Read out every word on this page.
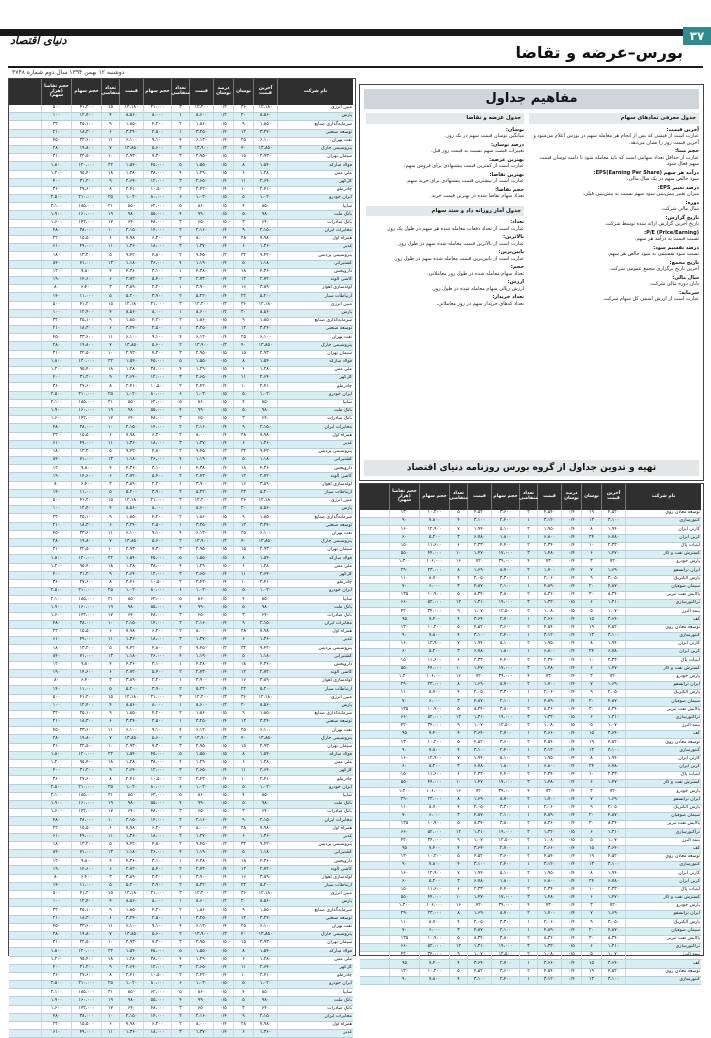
۳۷
دنیای اقتصاد
بورس–عرضه و تقاضا
دوشنبه ۱۲ بهمن ۱۳۹۴ سال دوم شماره ۳۷۴۸
نام شرکت
آخرین قیمت
نوسان
درصد نوسان
قیمت
تعداد متقاضی
حجم سهام
قیمت
تعداد متقاضی
حجم سهام
حجم تقاضا (هزار سهم)
مبین انرژی
۱۲،۱۸۰
۳۶
۰/۳
۱۲،۲۰۰
۳
۲۱،۰۰۰
۱۲،۱۸۰
۱۵
۴۱،۲۰۰
۵۰۰
پارس
۸،۵۶۰
۲۰
۰/۲
۸،۶۰۰
۱
۸،۰۰۰
۸،۵۶۰
۴
۱۲،۴۰۰
۱۰۰
سرمایه‌گذاری صنایع
۱،۸۵۰
۹
۰/۵
۱،۸۶۰
۲
۴،۲۰۰
۱،۸۵۰
۹
۲۵،۱۰۰
۳۲۰
توسعه صنعتی
۳،۲۴۰
۱۲
۰/۴
۳،۲۵۰
۱
۲،۵۰۰
۳،۲۴۰
۶
۱۸،۳۰۰
۲۱۰
نفت بهران
۶،۱۰۰
۲۵
۰/۴
۶،۱۲۰
۴
۹،۱۰۰
۶،۱۰۰
۱۱
۳۳،۶۰۰
۴۵۰
پتروشیمی خارک
۱۳،۸۵۰
۴۰
۰/۳
۱۳،۹۰۰
۲
۵،۶۰۰
۱۳،۸۵۰
۷
۱۹،۸۰۰
۲۸۰
سیمان تهران
۲،۹۳۰
۱۵
۰/۵
۲،۹۵۰
۳
۷،۳۰۰
۲،۹۳۰
۱۰
۲۲،۵۰۰
۳۱۰
فولاد مبارکه
۱،۵۴۰
۸
۰/۵
۱،۵۵۰
۵
۴۵،۰۰۰
۱،۵۴۰
۲۲
۱۲۰،۰۰۰
۱،۸۰۰
ملی مس
۱،۲۸۰
۶
۰/۵
۱،۲۹۰
۴
۳۸،۰۰۰
۱،۲۸۰
۱۸
۹۵،۴۰۰
۱،۲۰۰
گل‌گهر
۲،۶۴۰
۱۱
۰/۴
۲،۶۵۰
۳
۱۲،۰۰۰
۲،۶۴۰
۹
۳۱،۲۰۰
۴۰۰
چادرملو
۲،۴۱۰
۱۰
۰/۴
۲،۴۲۰
۲
۱۰،۵۰۰
۲،۴۱۰
۸
۲۷،۶۰۰
۳۶۰
ایران خودرو
۱،۰۲۰
۵
۰/۵
۱،۰۳۰
۶
۸۰،۰۰۰
۱،۰۲۰
۲۵
۲۱۰،۰۰۰
۲،۵۰۰
سایپا
۸۵۰
۴
۰/۵
۸۶۰
۵
۶۲،۰۰۰
۸۵۰
۲۱
۱۸۵،۰۰۰
۲،۱۰۰
بانک ملت
۹۸۰
۵
۰/۵
۹۹۰
۴
۵۵،۰۰۰
۹۸۰
۱۹
۱۶۰،۰۰۰
۱،۹۰۰
بانک صادرات
۶۴۰
۳
۰/۵
۶۵۰
۳
۴۸،۰۰۰
۶۴۰
۱۷
۱۴۲،۰۰۰
۱،۶۰۰
مخابرات ایران
۲،۱۵۰
۹
۰/۴
۲،۱۶۰
۲
۱۴،۰۰۰
۲،۱۵۰
۱۰
۳۸،۰۰۰
۴۸۰
همراه اول
۷،۹۸۰
۲۸
۰/۴
۸،۰۰۰
۲
۶،۲۰۰
۷،۹۸۰
۶
۱۵،۵۰۰
۲۲۰
غدیر
۱،۳۶۰
۶
۰/۴
۱،۳۷۰
۳
۱۸،۰۰۰
۱،۳۶۰
۱۱
۴۹،۰۰۰
۶۱۰
پتروشیمی پردیس
۹،۴۲۰
۳۲
۰/۳
۹،۴۵۰
۲
۴،۸۰۰
۹،۴۲۰
۵
۱۳،۲۰۰
۱۸۰
کشتیرانی
۱،۱۸۰
۵
۰/۴
۱،۱۹۰
۴
۲۶،۰۰۰
۱،۱۸۰
۱۳
۷۱،۰۰۰
۸۴۰
داروپخش
۴،۳۶۰
۱۸
۰/۴
۴،۳۸۰
۱
۳،۱۰۰
۴،۳۶۰
۴
۹،۸۰۰
۱۲۰
کاشی الوند
۲،۷۲۰
۱۲
۰/۴
۲،۷۳۰
۲
۵،۴۰۰
۲،۷۲۰
۶
۱۴،۶۰۰
۱۹۰
لوله‌سازی اهواز
۳،۸۹۰
۱۶
۰/۴
۳،۹۰۰
۱
۲،۲۰۰
۳،۸۹۰
۳
۶،۴۰۰
۸۰
ارتباطات سیار
۵،۲۰۰
۲۲
۰/۴
۵،۲۲۰
۲
۳،۹۰۰
۵،۲۰۰
۵
۱۱،۰۰۰
۱۴۰
مبین انرژی
۱۲،۱۸۰
۳۶
۰/۳
۱۲،۲۰۰
۳
۲۱،۰۰۰
۱۲،۱۸۰
۱۵
۴۱،۲۰۰
۵۰۰
پارس
۸،۵۶۰
۲۰
۰/۲
۸،۶۰۰
۱
۸،۰۰۰
۸،۵۶۰
۴
۱۲،۴۰۰
۱۰۰
سرمایه‌گذاری صنایع
۱،۸۵۰
۹
۰/۵
۱،۸۶۰
۲
۴،۲۰۰
۱،۸۵۰
۹
۲۵،۱۰۰
۳۲۰
توسعه صنعتی
۳،۲۴۰
۱۲
۰/۴
۳،۲۵۰
۱
۲،۵۰۰
۳،۲۴۰
۶
۱۸،۳۰۰
۲۱۰
نفت بهران
۶،۱۰۰
۲۵
۰/۴
۶،۱۲۰
۴
۹،۱۰۰
۶،۱۰۰
۱۱
۳۳،۶۰۰
۴۵۰
پتروشیمی خارک
۱۳،۸۵۰
۴۰
۰/۳
۱۳،۹۰۰
۲
۵،۶۰۰
۱۳،۸۵۰
۷
۱۹،۸۰۰
۲۸۰
سیمان تهران
۲،۹۳۰
۱۵
۰/۵
۲،۹۵۰
۳
۷،۳۰۰
۲،۹۳۰
۱۰
۲۲،۵۰۰
۳۱۰
فولاد مبارکه
۱،۵۴۰
۸
۰/۵
۱،۵۵۰
۵
۴۵،۰۰۰
۱،۵۴۰
۲۲
۱۲۰،۰۰۰
۱،۸۰۰
ملی مس
۱،۲۸۰
۶
۰/۵
۱،۲۹۰
۴
۳۸،۰۰۰
۱،۲۸۰
۱۸
۹۵،۴۰۰
۱،۲۰۰
گل‌گهر
۲،۶۴۰
۱۱
۰/۴
۲،۶۵۰
۳
۱۲،۰۰۰
۲،۶۴۰
۹
۳۱،۲۰۰
۴۰۰
چادرملو
۲،۴۱۰
۱۰
۰/۴
۲،۴۲۰
۲
۱۰،۵۰۰
۲،۴۱۰
۸
۲۷،۶۰۰
۳۶۰
ایران خودرو
۱،۰۲۰
۵
۰/۵
۱،۰۳۰
۶
۸۰،۰۰۰
۱،۰۲۰
۲۵
۲۱۰،۰۰۰
۲،۵۰۰
سایپا
۸۵۰
۴
۰/۵
۸۶۰
۵
۶۲،۰۰۰
۸۵۰
۲۱
۱۸۵،۰۰۰
۲،۱۰۰
بانک ملت
۹۸۰
۵
۰/۵
۹۹۰
۴
۵۵،۰۰۰
۹۸۰
۱۹
۱۶۰،۰۰۰
۱،۹۰۰
بانک صادرات
۶۴۰
۳
۰/۵
۶۵۰
۳
۴۸،۰۰۰
۶۴۰
۱۷
۱۴۲،۰۰۰
۱،۶۰۰
مخابرات ایران
۲،۱۵۰
۹
۰/۴
۲،۱۶۰
۲
۱۴،۰۰۰
۲،۱۵۰
۱۰
۳۸،۰۰۰
۴۸۰
همراه اول
۷،۹۸۰
۲۸
۰/۴
۸،۰۰۰
۲
۶،۲۰۰
۷،۹۸۰
۶
۱۵،۵۰۰
۲۲۰
غدیر
۱،۳۶۰
۶
۰/۴
۱،۳۷۰
۳
۱۸،۰۰۰
۱،۳۶۰
۱۱
۴۹،۰۰۰
۶۱۰
پتروشیمی پردیس
۹،۴۲۰
۳۲
۰/۳
۹،۴۵۰
۲
۴،۸۰۰
۹،۴۲۰
۵
۱۳،۲۰۰
۱۸۰
کشتیرانی
۱،۱۸۰
۵
۰/۴
۱،۱۹۰
۴
۲۶،۰۰۰
۱،۱۸۰
۱۳
۷۱،۰۰۰
۸۴۰
داروپخش
۴،۳۶۰
۱۸
۰/۴
۴،۳۸۰
۱
۳،۱۰۰
۴،۳۶۰
۴
۹،۸۰۰
۱۲۰
کاشی الوند
۲،۷۲۰
۱۲
۰/۴
۲،۷۳۰
۲
۵،۴۰۰
۲،۷۲۰
۶
۱۴،۶۰۰
۱۹۰
لوله‌سازی اهواز
۳،۸۹۰
۱۶
۰/۴
۳،۹۰۰
۱
۲،۲۰۰
۳،۸۹۰
۳
۶،۴۰۰
۸۰
ارتباطات سیار
۵،۲۰۰
۲۲
۰/۴
۵،۲۲۰
۲
۳،۹۰۰
۵،۲۰۰
۵
۱۱،۰۰۰
۱۴۰
مبین انرژی
۱۲،۱۸۰
۳۶
۰/۳
۱۲،۲۰۰
۳
۲۱،۰۰۰
۱۲،۱۸۰
۱۵
۴۱،۲۰۰
۵۰۰
پارس
۸،۵۶۰
۲۰
۰/۲
۸،۶۰۰
۱
۸،۰۰۰
۸،۵۶۰
۴
۱۲،۴۰۰
۱۰۰
سرمایه‌گذاری صنایع
۱،۸۵۰
۹
۰/۵
۱،۸۶۰
۲
۴،۲۰۰
۱،۸۵۰
۹
۲۵،۱۰۰
۳۲۰
توسعه صنعتی
۳،۲۴۰
۱۲
۰/۴
۳،۲۵۰
۱
۲،۵۰۰
۳،۲۴۰
۶
۱۸،۳۰۰
۲۱۰
نفت بهران
۶،۱۰۰
۲۵
۰/۴
۶،۱۲۰
۴
۹،۱۰۰
۶،۱۰۰
۱۱
۳۳،۶۰۰
۴۵۰
پتروشیمی خارک
۱۳،۸۵۰
۴۰
۰/۳
۱۳،۹۰۰
۲
۵،۶۰۰
۱۳،۸۵۰
۷
۱۹،۸۰۰
۲۸۰
سیمان تهران
۲،۹۳۰
۱۵
۰/۵
۲،۹۵۰
۳
۷،۳۰۰
۲،۹۳۰
۱۰
۲۲،۵۰۰
۳۱۰
فولاد مبارکه
۱،۵۴۰
۸
۰/۵
۱،۵۵۰
۵
۴۵،۰۰۰
۱،۵۴۰
۲۲
۱۲۰،۰۰۰
۱،۸۰۰
ملی مس
۱،۲۸۰
۶
۰/۵
۱،۲۹۰
۴
۳۸،۰۰۰
۱،۲۸۰
۱۸
۹۵،۴۰۰
۱،۲۰۰
گل‌گهر
۲،۶۴۰
۱۱
۰/۴
۲،۶۵۰
۳
۱۲،۰۰۰
۲،۶۴۰
۹
۳۱،۲۰۰
۴۰۰
چادرملو
۲،۴۱۰
۱۰
۰/۴
۲،۴۲۰
۲
۱۰،۵۰۰
۲،۴۱۰
۸
۲۷،۶۰۰
۳۶۰
ایران خودرو
۱،۰۲۰
۵
۰/۵
۱،۰۳۰
۶
۸۰،۰۰۰
۱،۰۲۰
۲۵
۲۱۰،۰۰۰
۲،۵۰۰
سایپا
۸۵۰
۴
۰/۵
۸۶۰
۵
۶۲،۰۰۰
۸۵۰
۲۱
۱۸۵،۰۰۰
۲،۱۰۰
بانک ملت
۹۸۰
۵
۰/۵
۹۹۰
۴
۵۵،۰۰۰
۹۸۰
۱۹
۱۶۰،۰۰۰
۱،۹۰۰
بانک صادرات
۶۴۰
۳
۰/۵
۶۵۰
۳
۴۸،۰۰۰
۶۴۰
۱۷
۱۴۲،۰۰۰
۱،۶۰۰
مخابرات ایران
۲،۱۵۰
۹
۰/۴
۲،۱۶۰
۲
۱۴،۰۰۰
۲،۱۵۰
۱۰
۳۸،۰۰۰
۴۸۰
همراه اول
۷،۹۸۰
۲۸
۰/۴
۸،۰۰۰
۲
۶،۲۰۰
۷،۹۸۰
۶
۱۵،۵۰۰
۲۲۰
غدیر
۱،۳۶۰
۶
۰/۴
۱،۳۷۰
۳
۱۸،۰۰۰
۱،۳۶۰
۱۱
۴۹،۰۰۰
۶۱۰
پتروشیمی پردیس
۹،۴۲۰
۳۲
۰/۳
۹،۴۵۰
۲
۴،۸۰۰
۹،۴۲۰
۵
۱۳،۲۰۰
۱۸۰
کشتیرانی
۱،۱۸۰
۵
۰/۴
۱،۱۹۰
۴
۲۶،۰۰۰
۱،۱۸۰
۱۳
۷۱،۰۰۰
۸۴۰
داروپخش
۴،۳۶۰
۱۸
۰/۴
۴،۳۸۰
۱
۳،۱۰۰
۴،۳۶۰
۴
۹،۸۰۰
۱۲۰
کاشی الوند
۲،۷۲۰
۱۲
۰/۴
۲،۷۳۰
۲
۵،۴۰۰
۲،۷۲۰
۶
۱۴،۶۰۰
۱۹۰
لوله‌سازی اهواز
۳،۸۹۰
۱۶
۰/۴
۳،۹۰۰
۱
۲،۲۰۰
۳،۸۹۰
۳
۶،۴۰۰
۸۰
ارتباطات سیار
۵،۲۰۰
۲۲
۰/۴
۵،۲۲۰
۲
۳،۹۰۰
۵،۲۰۰
۵
۱۱،۰۰۰
۱۴۰
مبین انرژی
۱۲،۱۸۰
۳۶
۰/۳
۱۲،۲۰۰
۳
۲۱،۰۰۰
۱۲،۱۸۰
۱۵
۴۱،۲۰۰
۵۰۰
پارس
۸،۵۶۰
۲۰
۰/۲
۸،۶۰۰
۱
۸،۰۰۰
۸،۵۶۰
۴
۱۲،۴۰۰
۱۰۰
سرمایه‌گذاری صنایع
۱،۸۵۰
۹
۰/۵
۱،۸۶۰
۲
۴،۲۰۰
۱،۸۵۰
۹
۲۵،۱۰۰
۳۲۰
توسعه صنعتی
۳،۲۴۰
۱۲
۰/۴
۳،۲۵۰
۱
۲،۵۰۰
۳،۲۴۰
۶
۱۸،۳۰۰
۲۱۰
نفت بهران
۶،۱۰۰
۲۵
۰/۴
۶،۱۲۰
۴
۹،۱۰۰
۶،۱۰۰
۱۱
۳۳،۶۰۰
۴۵۰
پتروشیمی خارک
۱۳،۸۵۰
۴۰
۰/۳
۱۳،۹۰۰
۲
۵،۶۰۰
۱۳،۸۵۰
۷
۱۹،۸۰۰
۲۸۰
سیمان تهران
۲،۹۳۰
۱۵
۰/۵
۲،۹۵۰
۳
۷،۳۰۰
۲،۹۳۰
۱۰
۲۲،۵۰۰
۳۱۰
فولاد مبارکه
۱،۵۴۰
۸
۰/۵
۱،۵۵۰
۵
۴۵،۰۰۰
۱،۵۴۰
۲۲
۱۲۰،۰۰۰
۱،۸۰۰
ملی مس
۱،۲۸۰
۶
۰/۵
۱،۲۹۰
۴
۳۸،۰۰۰
۱،۲۸۰
۱۸
۹۵،۴۰۰
۱،۲۰۰
گل‌گهر
۲،۶۴۰
۱۱
۰/۴
۲،۶۵۰
۳
۱۲،۰۰۰
۲،۶۴۰
۹
۳۱،۲۰۰
۴۰۰
چادرملو
۲،۴۱۰
۱۰
۰/۴
۲،۴۲۰
۲
۱۰،۵۰۰
۲،۴۱۰
۸
۲۷،۶۰۰
۳۶۰
ایران خودرو
۱،۰۲۰
۵
۰/۵
۱،۰۳۰
۶
۸۰،۰۰۰
۱،۰۲۰
۲۵
۲۱۰،۰۰۰
۲،۵۰۰
سایپا
۸۵۰
۴
۰/۵
۸۶۰
۵
۶۲،۰۰۰
۸۵۰
۲۱
۱۸۵،۰۰۰
۲،۱۰۰
بانک ملت
۹۸۰
۵
۰/۵
۹۹۰
۴
۵۵،۰۰۰
۹۸۰
۱۹
۱۶۰،۰۰۰
۱،۹۰۰
بانک صادرات
۶۴۰
۳
۰/۵
۶۵۰
۳
۴۸،۰۰۰
۶۴۰
۱۷
۱۴۲،۰۰۰
۱،۶۰۰
مخابرات ایران
۲،۱۵۰
۹
۰/۴
۲،۱۶۰
۲
۱۴،۰۰۰
۲،۱۵۰
۱۰
۳۸،۰۰۰
۴۸۰
همراه اول
۷،۹۸۰
۲۸
۰/۴
۸،۰۰۰
۲
۶،۲۰۰
۷،۹۸۰
۶
۱۵،۵۰۰
۲۲۰
غدیر
۱،۳۶۰
۶
۰/۴
۱،۳۷۰
۳
۱۸،۰۰۰
۱،۳۶۰
۱۱
۴۹،۰۰۰
۶۱۰
پتروشیمی پردیس
۹،۴۲۰
۳۲
۰/۳
۹،۴۵۰
۲
۴،۸۰۰
۹،۴۲۰
۵
۱۳،۲۰۰
۱۸۰
کشتیرانی
۱،۱۸۰
۵
۰/۴
۱،۱۹۰
۴
۲۶،۰۰۰
۱،۱۸۰
۱۳
۷۱،۰۰۰
۸۴۰
داروپخش
۴،۳۶۰
۱۸
۰/۴
۴،۳۸۰
۱
۳،۱۰۰
۴،۳۶۰
۴
۹،۸۰۰
۱۲۰
کاشی الوند
۲،۷۲۰
۱۲
۰/۴
۲،۷۳۰
۲
۵،۴۰۰
۲،۷۲۰
۶
۱۴،۶۰۰
۱۹۰
لوله‌سازی اهواز
۳،۸۹۰
۱۶
۰/۴
۳،۹۰۰
۱
۲،۲۰۰
۳،۸۹۰
۳
۶،۴۰۰
۸۰
ارتباطات سیار
۵،۲۰۰
۲۲
۰/۴
۵،۲۲۰
۲
۳،۹۰۰
۵،۲۰۰
۵
۱۱،۰۰۰
۱۴۰
مبین انرژی
۱۲،۱۸۰
۳۶
۰/۳
۱۲،۲۰۰
۳
۲۱،۰۰۰
۱۲،۱۸۰
۱۵
۴۱،۲۰۰
۵۰۰
پارس
۸،۵۶۰
۲۰
۰/۲
۸،۶۰۰
۱
۸،۰۰۰
۸،۵۶۰
۴
۱۲،۴۰۰
۱۰۰
سرمایه‌گذاری صنایع
۱،۸۵۰
۹
۰/۵
۱،۸۶۰
۲
۴،۲۰۰
۱،۸۵۰
۹
۲۵،۱۰۰
۳۲۰
توسعه صنعتی
۳،۲۴۰
۱۲
۰/۴
۳،۲۵۰
۱
۲،۵۰۰
۳،۲۴۰
۶
۱۸،۳۰۰
۲۱۰
نفت بهران
۶،۱۰۰
۲۵
۰/۴
۶،۱۲۰
۴
۹،۱۰۰
۶،۱۰۰
۱۱
۳۳،۶۰۰
۴۵۰
پتروشیمی خارک
۱۳،۸۵۰
۴۰
۰/۳
۱۳،۹۰۰
۲
۵،۶۰۰
۱۳،۸۵۰
۷
۱۹،۸۰۰
۲۸۰
سیمان تهران
۲،۹۳۰
۱۵
۰/۵
۲،۹۵۰
۳
۷،۳۰۰
۲،۹۳۰
۱۰
۲۲،۵۰۰
۳۱۰
فولاد مبارکه
۱،۵۴۰
۸
۰/۵
۱،۵۵۰
۵
۴۵،۰۰۰
۱،۵۴۰
۲۲
۱۲۰،۰۰۰
۱،۸۰۰
ملی مس
۱،۲۸۰
۶
۰/۵
۱،۲۹۰
۴
۳۸،۰۰۰
۱،۲۸۰
۱۸
۹۵،۴۰۰
۱،۲۰۰
گل‌گهر
۲،۶۴۰
۱۱
۰/۴
۲،۶۵۰
۳
۱۲،۰۰۰
۲،۶۴۰
۹
۳۱،۲۰۰
۴۰۰
چادرملو
۲،۴۱۰
۱۰
۰/۴
۲،۴۲۰
۲
۱۰،۵۰۰
۲،۴۱۰
۸
۲۷،۶۰۰
۳۶۰
ایران خودرو
۱،۰۲۰
۵
۰/۵
۱،۰۳۰
۶
۸۰،۰۰۰
۱،۰۲۰
۲۵
۲۱۰،۰۰۰
۲،۵۰۰
سایپا
۸۵۰
۴
۰/۵
۸۶۰
۵
۶۲،۰۰۰
۸۵۰
۲۱
۱۸۵،۰۰۰
۲،۱۰۰
بانک ملت
۹۸۰
۵
۰/۵
۹۹۰
۴
۵۵،۰۰۰
۹۸۰
۱۹
۱۶۰،۰۰۰
۱،۹۰۰
بانک صادرات
۶۴۰
۳
۰/۵
۶۵۰
۳
۴۸،۰۰۰
۶۴۰
۱۷
۱۴۲،۰۰۰
۱،۶۰۰
مخابرات ایران
۲،۱۵۰
۹
۰/۴
۲،۱۶۰
۲
۱۴،۰۰۰
۲،۱۵۰
۱۰
۳۸،۰۰۰
۴۸۰
همراه اول
۷،۹۸۰
۲۸
۰/۴
۸،۰۰۰
۲
۶،۲۰۰
۷،۹۸۰
۶
۱۵،۵۰۰
۲۲۰
غدیر
۱،۳۶۰
۶
۰/۴
۱،۳۷۰
۳
۱۸،۰۰۰
۱،۳۶۰
۱۱
۴۹،۰۰۰
۶۱۰
مفاهیم جداول
جدول معرفی نمادهای سهام
آخرین قیمت:
عبارت است از قیمتی که پس از انجام هر معامله سهم در بورس اعلام می‌شود و آخرین قیمت روز را نشان می‌دهد.
حجم مبنا:
عبارت از حداقل تعداد سهامی است که باید معامله شود تا دامنه نوسان قیمت سهم فعال شود.
درآمد هر سهم (Earning Per Share)EPS:
سود خالص سهم در یک سال مالی.
درصد تغییر EPS:
میزان تغییر پیش‌بینی سود سهم نسبت به پیش‌بینی قبلی.
دوره:
سال مالی شرکت.
تاریخ گزارش:
تاریخ آخرین گزارش ارائه شده توسط شرکت.
(Price/Earning) P/E:
نسبت قیمت به درآمد هر سهم.
درصد تقسیم سود:
نسبت سود تقسیمی به سود خالص هر سهم.
تاریخ مجمع:
آخرین تاریخ برگزاری مجمع عمومی شرکت.
سال مالی:
پایان دوره مالی شرکت.
سرمایه:
عبارت است از ارزش اسمی کل سهام شرکت.
جدول عرضه و تقاضا
نوسان:
میانگین نوسان قیمت سهم در یک روز.
درصد نوسان:
تغییرات قیمت سهم نسبت به قیمت روز قبل.
بهترین عرضه:
عبارت است از کمترین قیمت پیشنهادی برای فروش سهم.
بهترین تقاضا:
عبارت است از بیشترین قیمت پیشنهادی برای خرید سهم.
حجم تقاضا:
تعداد سهام تقاضا شده در بهترین قیمت خرید.
جدول آمار روزانه داد و ستد سهام
تعداد:
عبارت است از تعداد دفعات معامله شده هر سهم در طول یک روز.
بالاترین:
عبارت است از بالاترین قیمت معامله شده سهم در طول روز.
پایین‌ترین:
عبارت است از پایین‌ترین قیمت معامله شده سهم در طول روز.
حجم:
تعداد سهام معامله شده در طول روز معاملاتی.
ارزش:
ارزش ریالی سهام معامله شده در طول روز.
تعداد خریدار:
تعداد کدهای خریدار سهم در روز معاملاتی.
تهیه و تدوین جداول از گروه بورس روزنامه دنیای اقتصاد
نام شرکت
آخرین قیمت
نوسان
درصد نوسان
قیمت
تعداد متقاضی
حجم سهام
قیمت
تعداد متقاضی
حجم سهام
حجم تقاضا (هزار سهم)
توسعه معادن روی
۴،۵۲۰
۱۹
۰/۴
۴،۵۴۰
۲
۳،۶۰۰
۴،۵۲۰
۵
۱۰،۲۰۰
۱۳۰
کنتورسازی
۳،۱۰۰
۱۳
۰/۴
۳،۱۲۰
۱
۲،۴۰۰
۳،۱۰۰
۴
۷،۸۰۰
۹۰
کارتن ایران
۱،۹۴۰
۸
۰/۴
۱،۹۵۰
۲
۵،۱۰۰
۱،۹۴۰
۷
۱۲،۹۰۰
۱۶۰
کربن ایران
۶،۷۸۰
۲۴
۰/۴
۶،۸۰۰
۱
۱،۸۰۰
۶،۷۸۰
۳
۵،۲۰۰
۶۰
لبنیات پاک
۲،۳۳۰
۱۰
۰/۴
۲،۳۴۰
۲
۴،۴۰۰
۲،۳۳۰
۶
۱۱،۶۰۰
۱۵۰
گسترش نفت و گاز
۱،۴۷۰
۶
۰/۴
۱،۴۸۰
۳
۱۷،۰۰۰
۱،۴۷۰
۱۰
۴۴،۰۰۰
۵۵۰
پارس خودرو
۷۲۰
۳
۰/۴
۷۳۰
۴
۳۹،۰۰۰
۷۲۰
۱۶
۱۰۶،۰۰۰
۱،۳۰۰
ایران ترانسفو
۱،۶۹۰
۷
۰/۴
۱،۷۰۰
۲
۸،۷۰۰
۱،۶۹۰
۸
۲۳،۰۰۰
۲۹۰
پارس الکتریک
۲،۰۵۰
۹
۰/۴
۲،۰۶۰
۱
۳،۳۰۰
۲،۰۵۰
۴
۸،۷۰۰
۱۱۰
سیمان صوفیان
۴،۸۷۰
۲۰
۰/۴
۴،۸۹۰
۱
۲،۱۰۰
۴،۸۷۰
۳
۶،۰۰۰
۷۰
پالایش نفت تبریز
۸،۳۴۰
۳۰
۰/۴
۸،۳۶۰
۲
۳،۸۰۰
۸،۳۴۰
۵
۱۰،۹۰۰
۱۳۵
تراکتورسازی
۱،۳۱۰
۶
۰/۵
۱،۳۲۰
۳
۱۹،۰۰۰
۱،۳۱۰
۱۲
۵۲،۰۰۰
۶۶۰
بیمه البرز
۱،۰۷۰
۵
۰/۵
۱،۰۸۰
۲
۱۲،۵۰۰
۱،۰۷۰
۹
۳۴،۰۰۰
۴۲۰
کف
۳،۶۴۰
۱۵
۰/۴
۳،۶۶۰
۱
۲،۷۰۰
۳،۶۴۰
۴
۷،۴۰۰
۹۵
توسعه معادن روی
۴،۵۲۰
۱۹
۰/۴
۴،۵۴۰
۲
۳،۶۰۰
۴،۵۲۰
۵
۱۰،۲۰۰
۱۳۰
کنتورسازی
۳،۱۰۰
۱۳
۰/۴
۳،۱۲۰
۱
۲،۴۰۰
۳،۱۰۰
۴
۷،۸۰۰
۹۰
کارتن ایران
۱،۹۴۰
۸
۰/۴
۱،۹۵۰
۲
۵،۱۰۰
۱،۹۴۰
۷
۱۲،۹۰۰
۱۶۰
کربن ایران
۶،۷۸۰
۲۴
۰/۴
۶،۸۰۰
۱
۱،۸۰۰
۶،۷۸۰
۳
۵،۲۰۰
۶۰
لبنیات پاک
۲،۳۳۰
۱۰
۰/۴
۲،۳۴۰
۲
۴،۴۰۰
۲،۳۳۰
۶
۱۱،۶۰۰
۱۵۰
گسترش نفت و گاز
۱،۴۷۰
۶
۰/۴
۱،۴۸۰
۳
۱۷،۰۰۰
۱،۴۷۰
۱۰
۴۴،۰۰۰
۵۵۰
پارس خودرو
۷۲۰
۳
۰/۴
۷۳۰
۴
۳۹،۰۰۰
۷۲۰
۱۶
۱۰۶،۰۰۰
۱،۳۰۰
ایران ترانسفو
۱،۶۹۰
۷
۰/۴
۱،۷۰۰
۲
۸،۷۰۰
۱،۶۹۰
۸
۲۳،۰۰۰
۲۹۰
پارس الکتریک
۲،۰۵۰
۹
۰/۴
۲،۰۶۰
۱
۳،۳۰۰
۲،۰۵۰
۴
۸،۷۰۰
۱۱۰
سیمان صوفیان
۴،۸۷۰
۲۰
۰/۴
۴،۸۹۰
۱
۲،۱۰۰
۴،۸۷۰
۳
۶،۰۰۰
۷۰
پالایش نفت تبریز
۸،۳۴۰
۳۰
۰/۴
۸،۳۶۰
۲
۳،۸۰۰
۸،۳۴۰
۵
۱۰،۹۰۰
۱۳۵
تراکتورسازی
۱،۳۱۰
۶
۰/۵
۱،۳۲۰
۳
۱۹،۰۰۰
۱،۳۱۰
۱۲
۵۲،۰۰۰
۶۶۰
بیمه البرز
۱،۰۷۰
۵
۰/۵
۱،۰۸۰
۲
۱۲،۵۰۰
۱،۰۷۰
۹
۳۴،۰۰۰
۴۲۰
کف
۳،۶۴۰
۱۵
۰/۴
۳،۶۶۰
۱
۲،۷۰۰
۳،۶۴۰
۴
۷،۴۰۰
۹۵
توسعه معادن روی
۴،۵۲۰
۱۹
۰/۴
۴،۵۴۰
۲
۳،۶۰۰
۴،۵۲۰
۵
۱۰،۲۰۰
۱۳۰
کنتورسازی
۳،۱۰۰
۱۳
۰/۴
۳،۱۲۰
۱
۲،۴۰۰
۳،۱۰۰
۴
۷،۸۰۰
۹۰
کارتن ایران
۱،۹۴۰
۸
۰/۴
۱،۹۵۰
۲
۵،۱۰۰
۱،۹۴۰
۷
۱۲،۹۰۰
۱۶۰
کربن ایران
۶،۷۸۰
۲۴
۰/۴
۶،۸۰۰
۱
۱،۸۰۰
۶،۷۸۰
۳
۵،۲۰۰
۶۰
لبنیات پاک
۲،۳۳۰
۱۰
۰/۴
۲،۳۴۰
۲
۴،۴۰۰
۲،۳۳۰
۶
۱۱،۶۰۰
۱۵۰
گسترش نفت و گاز
۱،۴۷۰
۶
۰/۴
۱،۴۸۰
۳
۱۷،۰۰۰
۱،۴۷۰
۱۰
۴۴،۰۰۰
۵۵۰
پارس خودرو
۷۲۰
۳
۰/۴
۷۳۰
۴
۳۹،۰۰۰
۷۲۰
۱۶
۱۰۶،۰۰۰
۱،۳۰۰
ایران ترانسفو
۱،۶۹۰
۷
۰/۴
۱،۷۰۰
۲
۸،۷۰۰
۱،۶۹۰
۸
۲۳،۰۰۰
۲۹۰
پارس الکتریک
۲،۰۵۰
۹
۰/۴
۲،۰۶۰
۱
۳،۳۰۰
۲،۰۵۰
۴
۸،۷۰۰
۱۱۰
سیمان صوفیان
۴،۸۷۰
۲۰
۰/۴
۴،۸۹۰
۱
۲،۱۰۰
۴،۸۷۰
۳
۶،۰۰۰
۷۰
پالایش نفت تبریز
۸،۳۴۰
۳۰
۰/۴
۸،۳۶۰
۲
۳،۸۰۰
۸،۳۴۰
۵
۱۰،۹۰۰
۱۳۵
تراکتورسازی
۱،۳۱۰
۶
۰/۵
۱،۳۲۰
۳
۱۹،۰۰۰
۱،۳۱۰
۱۲
۵۲،۰۰۰
۶۶۰
بیمه البرز
۱،۰۷۰
۵
۰/۵
۱،۰۸۰
۲
۱۲،۵۰۰
۱،۰۷۰
۹
۳۴،۰۰۰
۴۲۰
کف
۳،۶۴۰
۱۵
۰/۴
۳،۶۶۰
۱
۲،۷۰۰
۳،۶۴۰
۴
۷،۴۰۰
۹۵
توسعه معادن روی
۴،۵۲۰
۱۹
۰/۴
۴،۵۴۰
۲
۳،۶۰۰
۴،۵۲۰
۵
۱۰،۲۰۰
۱۳۰
کنتورسازی
۳،۱۰۰
۱۳
۰/۴
۳،۱۲۰
۱
۲،۴۰۰
۳،۱۰۰
۴
۷،۸۰۰
۹۰
کارتن ایران
۱،۹۴۰
۸
۰/۴
۱،۹۵۰
۲
۵،۱۰۰
۱،۹۴۰
۷
۱۲،۹۰۰
۱۶۰
کربن ایران
۶،۷۸۰
۲۴
۰/۴
۶،۸۰۰
۱
۱،۸۰۰
۶،۷۸۰
۳
۵،۲۰۰
۶۰
لبنیات پاک
۲،۳۳۰
۱۰
۰/۴
۲،۳۴۰
۲
۴،۴۰۰
۲،۳۳۰
۶
۱۱،۶۰۰
۱۵۰
گسترش نفت و گاز
۱،۴۷۰
۶
۰/۴
۱،۴۸۰
۳
۱۷،۰۰۰
۱،۴۷۰
۱۰
۴۴،۰۰۰
۵۵۰
پارس خودرو
۷۲۰
۳
۰/۴
۷۳۰
۴
۳۹،۰۰۰
۷۲۰
۱۶
۱۰۶،۰۰۰
۱،۳۰۰
ایران ترانسفو
۱،۶۹۰
۷
۰/۴
۱،۷۰۰
۲
۸،۷۰۰
۱،۶۹۰
۸
۲۳،۰۰۰
۲۹۰
پارس الکتریک
۲،۰۵۰
۹
۰/۴
۲،۰۶۰
۱
۳،۳۰۰
۲،۰۵۰
۴
۸،۷۰۰
۱۱۰
سیمان صوفیان
۴،۸۷۰
۲۰
۰/۴
۴،۸۹۰
۱
۲،۱۰۰
۴،۸۷۰
۳
۶،۰۰۰
۷۰
پالایش نفت تبریز
۸،۳۴۰
۳۰
۰/۴
۸،۳۶۰
۲
۳،۸۰۰
۸،۳۴۰
۵
۱۰،۹۰۰
۱۳۵
تراکتورسازی
۱،۳۱۰
۶
۰/۵
۱،۳۲۰
۳
۱۹،۰۰۰
۱،۳۱۰
۱۲
۵۲،۰۰۰
۶۶۰
بیمه البرز
۱،۰۷۰
۵
۰/۵
۱،۰۸۰
۲
۱۲،۵۰۰
۱،۰۷۰
۹
۳۴،۰۰۰
۴۲۰
کف
۳،۶۴۰
۱۵
۰/۴
۳،۶۶۰
۱
۲،۷۰۰
۳،۶۴۰
۴
۷،۴۰۰
۹۵
توسعه معادن روی
۴،۵۲۰
۱۹
۰/۴
۴،۵۴۰
۲
۳،۶۰۰
۴،۵۲۰
۵
۱۰،۲۰۰
۱۳۰
کنتورسازی
۳،۱۰۰
۱۳
۰/۴
۳،۱۲۰
۱
۲،۴۰۰
۳،۱۰۰
۴
۷،۸۰۰
۹۰
